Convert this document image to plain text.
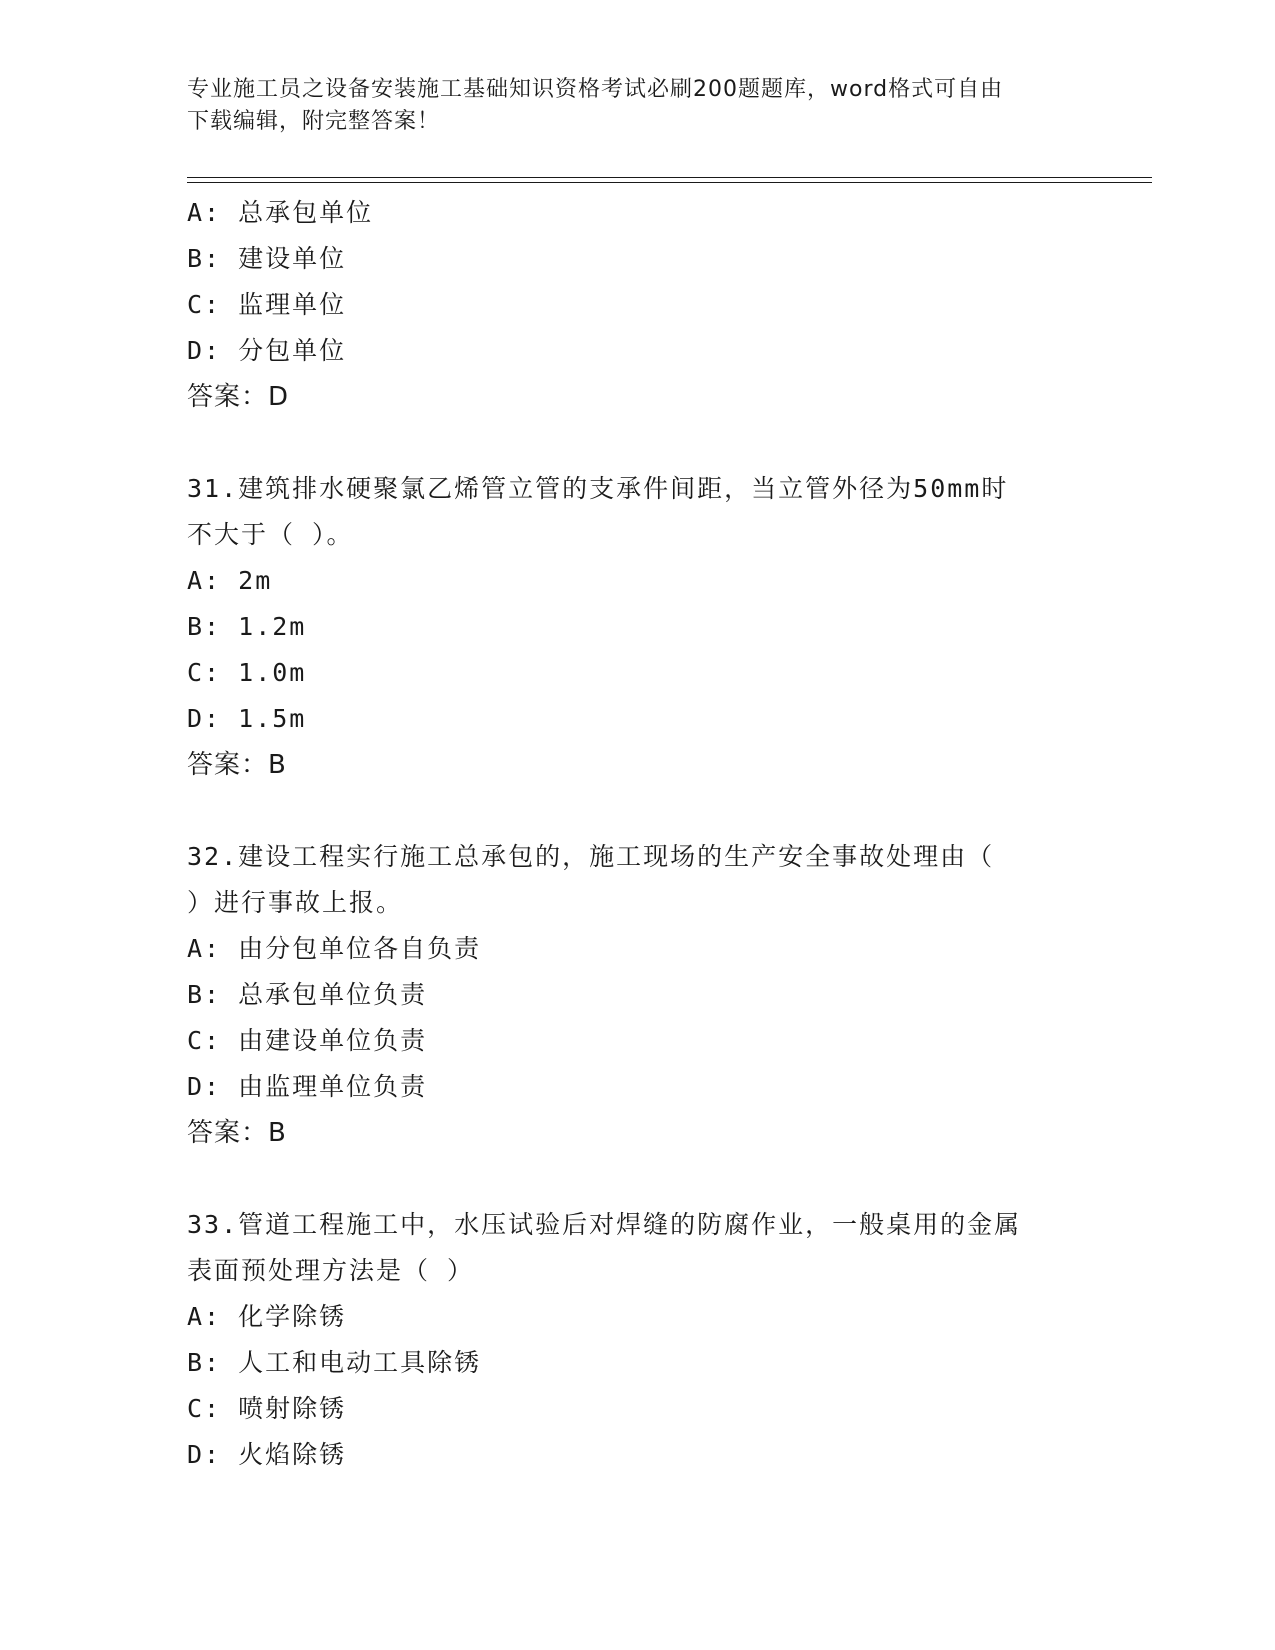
专业施工员之设备安装施工基础知识资格考试必刷200题题库，word格式可自由
下载编辑，附完整答案！
A: 总承包单位
B: 建设单位
C: 监理单位
D: 分包单位
答案：D
31.建筑排水硬聚氯乙烯管立管的支承件间距，当立管外径为50mm时
不大于（ ）。
A: 2m
B: 1.2m
C: 1.0m
D: 1.5m
答案：B
32.建设工程实行施工总承包的，施工现场的生产安全事故处理由（
）进行事故上报。
A: 由分包单位各自负责
B: 总承包单位负责
C: 由建设单位负责
D: 由监理单位负责
答案：B
33.管道工程施工中，水压试验后对焊缝的防腐作业，一般桌用的金属
表面预处理方法是（ ）
A: 化学除锈
B: 人工和电动工具除锈
C: 喷射除锈
D: 火焰除锈
